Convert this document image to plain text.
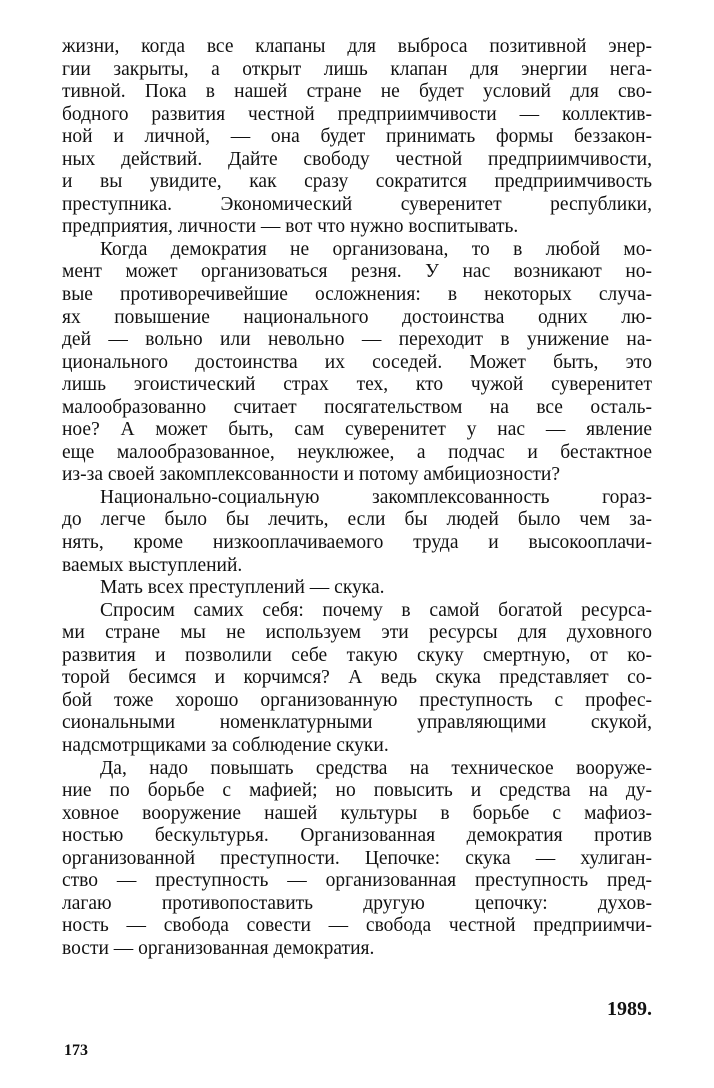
жизни, когда все клапаны для выброса позитивной энер-
гии закрыты, а открыт лишь клапан для энергии нега-
тивной. Пока в нашей стране не будет условий для сво-
бодного развития честной предприимчивости — коллектив-
ной и личной, — она будет принимать формы беззакон-
ных действий. Дайте свободу честной предприимчивости,
и вы увидите, как сразу сократится предприимчивость
преступника. Экономический суверенитет республики,
предприятия, личности — вот что нужно воспитывать.
Когда демократия не организована, то в любой мо-
мент может организоваться резня. У нас возникают но-
вые противоречивейшие осложнения: в некоторых случа-
ях повышение национального достоинства одних лю-
дей — вольно или невольно — переходит в унижение на-
ционального достоинства их соседей. Может быть, это
лишь эгоистический страх тех, кто чужой суверенитет
малообразованно считает посягательством на все осталь-
ное? А может быть, сам суверенитет у нас — явление
еще малообразованное, неуклюжее, а подчас и бестактное
из-за своей закомплексованности и потому амбициозности?
Национально-социальную закомплексованность гораз-
до легче было бы лечить, если бы людей было чем за-
нять, кроме низкооплачиваемого труда и высокооплачи-
ваемых выступлений.
Мать всех преступлений — скука.
Спросим самих себя: почему в самой богатой ресурса-
ми стране мы не используем эти ресурсы для духовного
развития и позволили себе такую скуку смертную, от ко-
торой бесимся и корчимся? А ведь скука представляет со-
бой тоже хорошо организованную преступность с профес-
сиональными номенклатурными управляющими скукой,
надсмотрщиками за соблюдение скуки.
Да, надо повышать средства на техническое вооруже-
ние по борьбе с мафией; но повысить и средства на ду-
ховное вооружение нашей культуры в борьбе с мафиоз-
ностью бескультурья. Организованная демократия против
организованной преступности. Цепочке: скука — хулиган-
ство — преступность — организованная преступность пред-
лагаю противопоставить другую цепочку: духов-
ность — свобода совести — свобода честной предприимчи-
вости — организованная демократия.
1989.
173
